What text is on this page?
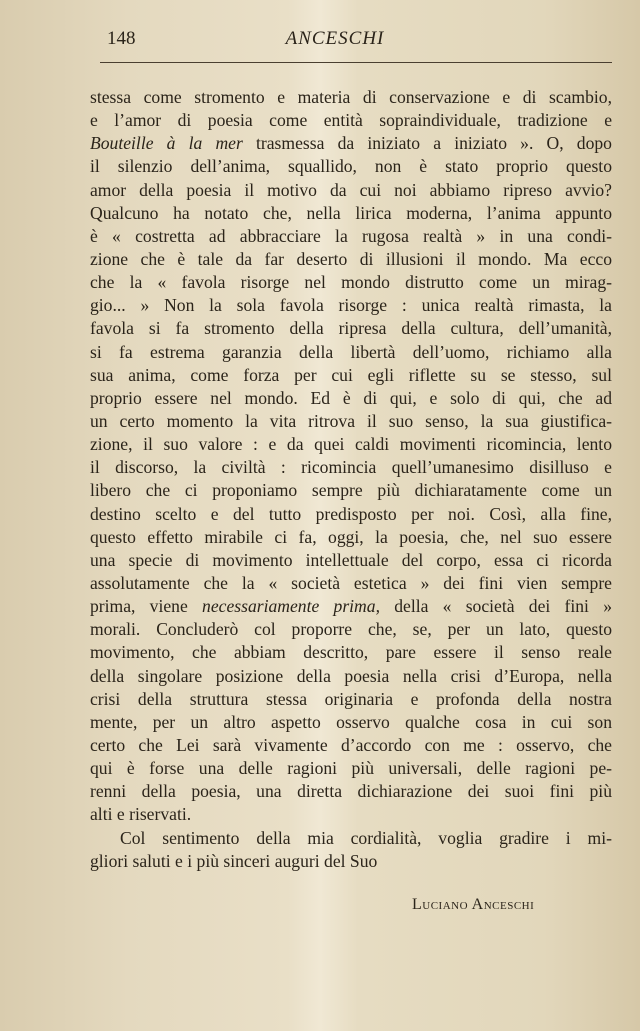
148	ANCESCHI
stessa come stromento e materia di conservazione e di scambio,
e l’amor di poesia come entità sopraindividuale, tradizione e
Bouteille à la mer trasmessa da iniziato a iniziato ». O, dopo
il silenzio dell’anima, squallido, non è stato proprio questo
amor della poesia il motivo da cui noi abbiamo ripreso avvio?
Qualcuno ha notato che, nella lirica moderna, l’anima appunto
è « costretta ad abbracciare la rugosa realtà » in una condi-
zione che è tale da far deserto di illusioni il mondo. Ma ecco
che la « favola risorge nel mondo distrutto come un mirag-
gio... » Non la sola favola risorge : unica realtà rimasta, la
favola si fa stromento della ripresa della cultura, dell’umanità,
si fa estrema garanzia della libertà dell’uomo, richiamo alla
sua anima, come forza per cui egli riflette su se stesso, sul
proprio essere nel mondo. Ed è di qui, e solo di qui, che ad
un certo momento la vita ritrova il suo senso, la sua giustifica-
zione, il suo valore : e da quei caldi movimenti ricomincia, lento
il discorso, la civiltà : ricomincia quell’umanesimo disilluso e
libero che ci proponiamo sempre più dichiaratamente come un
destino scelto e del tutto predisposto per noi. Così, alla fine,
questo effetto mirabile ci fa, oggi, la poesia, che, nel suo essere
una specie di movimento intellettuale del corpo, essa ci ricorda
assolutamente che la « società estetica » dei fini vien sempre
prima, viene necessariamente prima, della « società dei fini »
morali. Concluderò col proporre che, se, per un lato, questo
movimento, che abbiam descritto, pare essere il senso reale
della singolare posizione della poesia nella crisi d’Europa, nella
crisi della struttura stessa originaria e profonda della nostra
mente, per un altro aspetto osservo qualche cosa in cui son
certo che Lei sarà vivamente d’accordo con me : osservo, che
qui è forse una delle ragioni più universali, delle ragioni pe-
renni della poesia, una diretta dichiarazione dei suoi fini più
alti e riservati.
Col sentimento della mia cordialità, voglia gradire i mi-
gliori saluti e i più sinceri auguri del Suo
Luciano Anceschi
